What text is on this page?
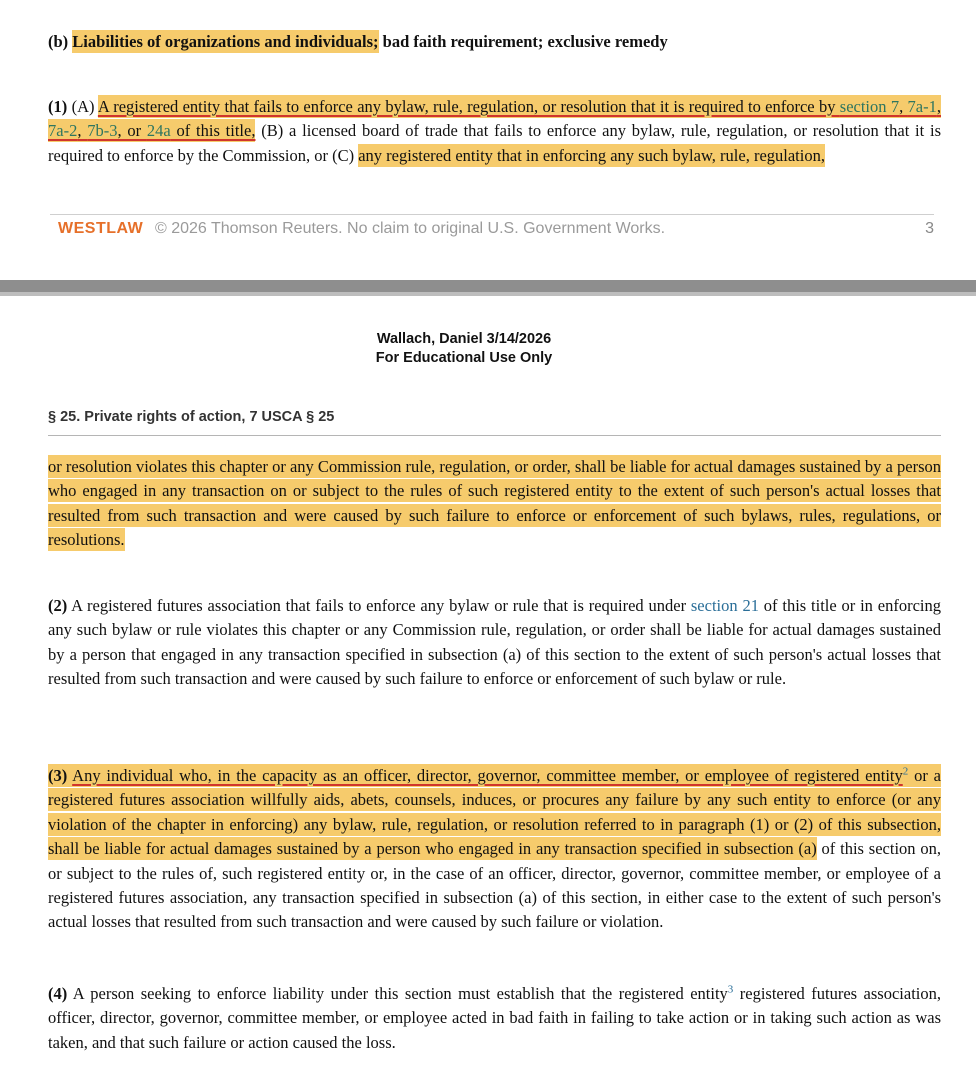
(b) Liabilities of organizations and individuals; bad faith requirement; exclusive remedy
(1) (A) A registered entity that fails to enforce any bylaw, rule, regulation, or resolution that it is required to enforce by section 7, 7a-1, 7a-2, 7b-3, or 24a of this title, (B) a licensed board of trade that fails to enforce any bylaw, rule, regulation, or resolution that it is required to enforce by the Commission, or (C) any registered entity that in enforcing any such bylaw, rule, regulation,
WESTLAW © 2026 Thomson Reuters. No claim to original U.S. Government Works.	3
Wallach, Daniel 3/14/2026
For Educational Use Only
§ 25. Private rights of action, 7 USCA § 25
or resolution violates this chapter or any Commission rule, regulation, or order, shall be liable for actual damages sustained by a person who engaged in any transaction on or subject to the rules of such registered entity to the extent of such person's actual losses that resulted from such transaction and were caused by such failure to enforce or enforcement of such bylaws, rules, regulations, or resolutions.
(2) A registered futures association that fails to enforce any bylaw or rule that is required under section 21 of this title or in enforcing any such bylaw or rule violates this chapter or any Commission rule, regulation, or order shall be liable for actual damages sustained by a person that engaged in any transaction specified in subsection (a) of this section to the extent of such person's actual losses that resulted from such transaction and were caused by such failure to enforce or enforcement of such bylaw or rule.
(3) Any individual who, in the capacity as an officer, director, governor, committee member, or employee of registered entity$^2$ or a registered futures association willfully aids, abets, counsels, induces, or procures any failure by any such entity to enforce (or any violation of the chapter in enforcing) any bylaw, rule, regulation, or resolution referred to in paragraph (1) or (2) of this subsection, shall be liable for actual damages sustained by a person who engaged in any transaction specified in subsection (a) of this section on, or subject to the rules of, such registered entity or, in the case of an officer, director, governor, committee member, or employee of a registered futures association, any transaction specified in subsection (a) of this section, in either case to the extent of such person's actual losses that resulted from such transaction and were caused by such failure or violation.
(4) A person seeking to enforce liability under this section must establish that the registered entity$^3$ registered futures association, officer, director, governor, committee member, or employee acted in bad faith in failing to take action or in taking such action as was taken, and that such failure or action caused the loss.
